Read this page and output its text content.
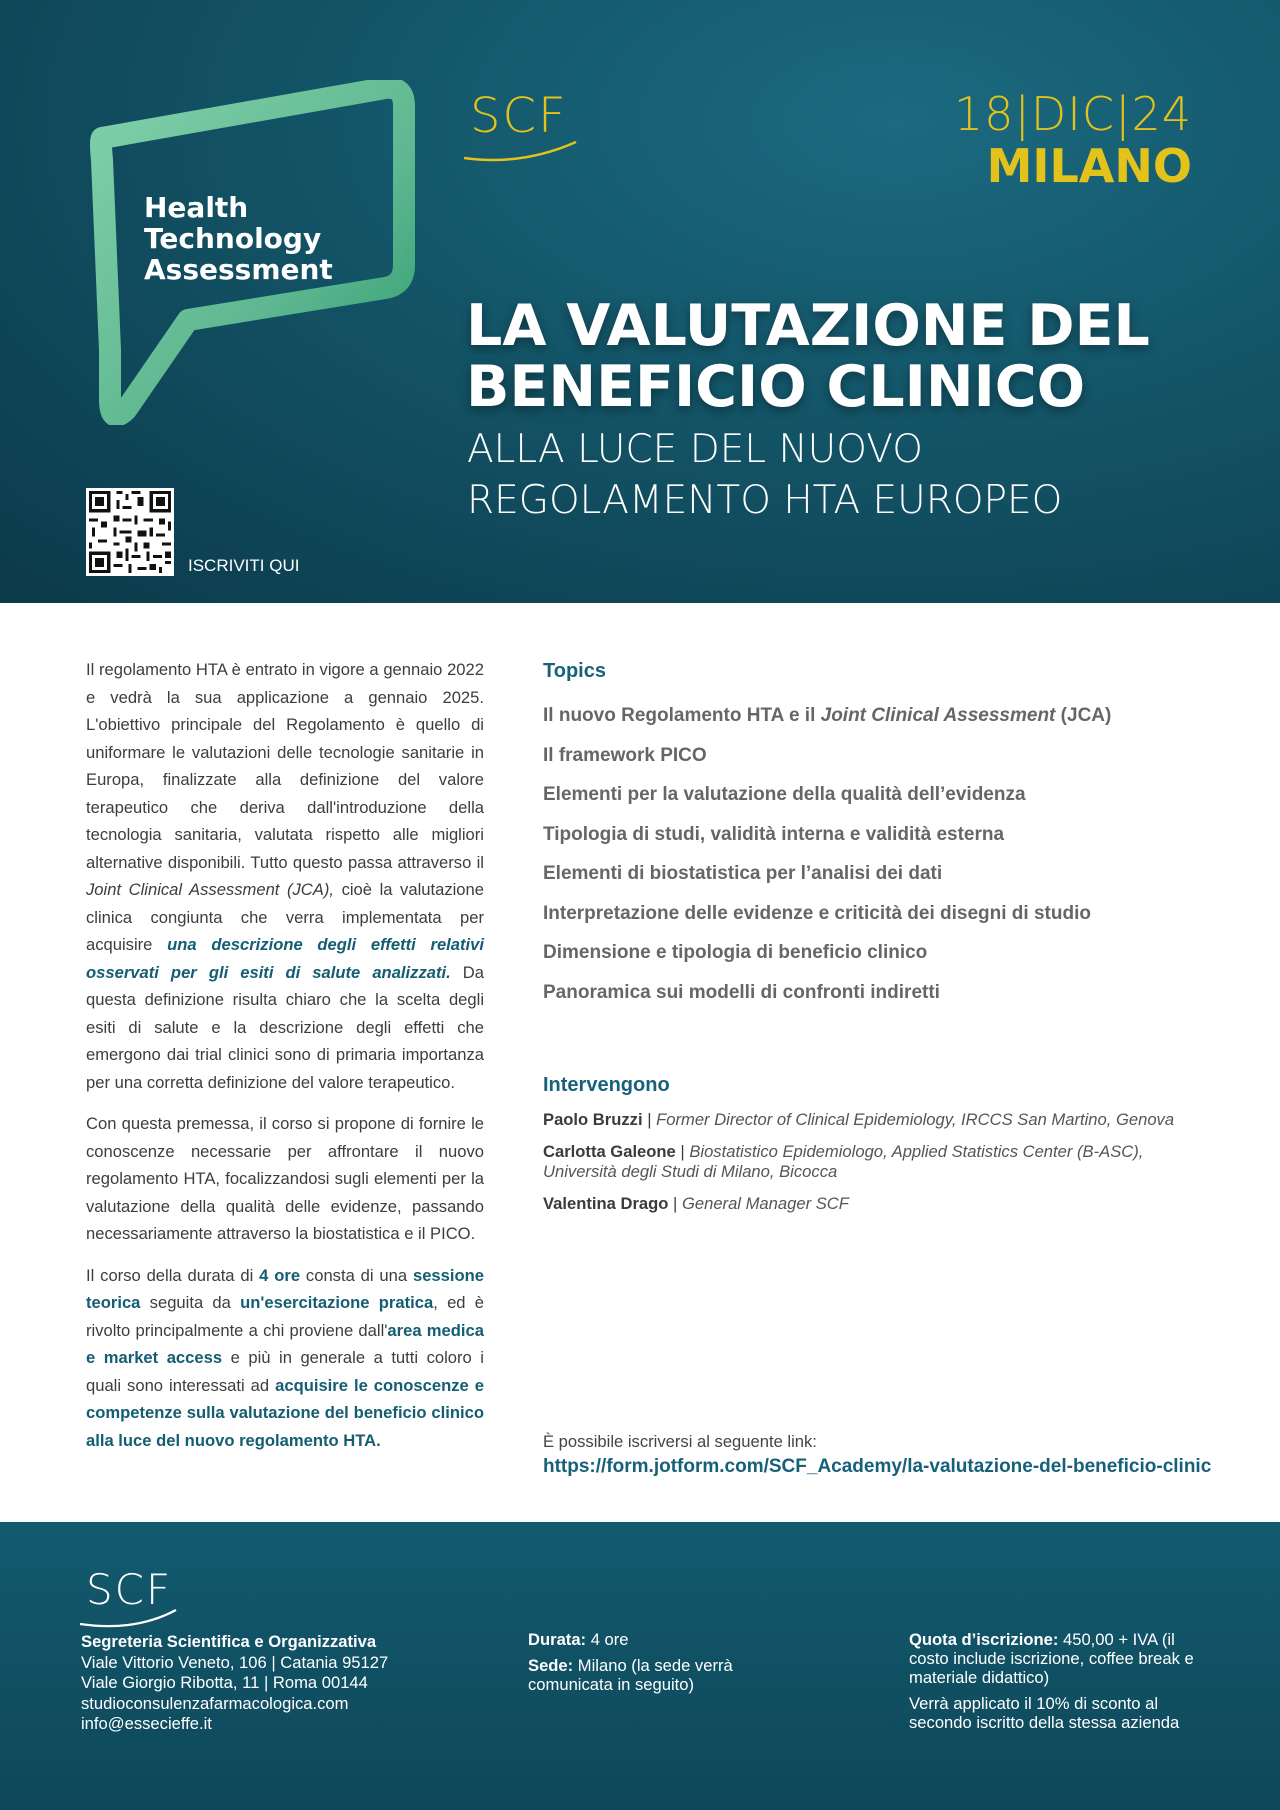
Health
Technology
Assessment
SCF	18|DIC|24
MILANO
LA VALUTAZIONE DEL
BENEFICIO CLINICO
ALLA LUCE DEL NUOVO
REGOLAMENTO HTA EUROPEO
ISCRIVITI QUI

Il regolamento HTA è entrato in vigore a gennaio 2022 e vedrà la sua applicazione a gennaio 2025. L'obiettivo principale del Regolamento è quello di uniformare le valutazioni delle tecnologie sanitarie in Europa, finalizzate alla definizione del valore terapeutico che deriva dall'introduzione della tecnologia sanitaria, valutata rispetto alle migliori alternative disponibili. Tutto questo passa attraverso il Joint Clinical Assessment (JCA), cioè la valutazione clinica congiunta che verra implementata per acquisire una descrizione degli effetti relativi osservati per gli esiti di salute analizzati. Da questa definizione risulta chiaro che la scelta degli esiti di salute e la descrizione degli effetti che emergono dai trial clinici sono di primaria importanza per una corretta definizione del valore terapeutico.

Con questa premessa, il corso si propone di fornire le conoscenze necessarie per affrontare il nuovo regolamento HTA, focalizzandosi sugli elementi per la valutazione della qualità delle evidenze, passando necessariamente attraverso la biostatistica e il PICO.

Il corso della durata di 4 ore consta di una sessione teorica seguita da un'esercitazione pratica, ed è rivolto principalmente a chi proviene dall'area medica e market access e più in generale a tutti coloro i quali sono interessati ad acquisire le conoscenze e competenze sulla valutazione del beneficio clinico alla luce del nuovo regolamento HTA.

Topics
Il nuovo Regolamento HTA e il Joint Clinical Assessment (JCA)
Il framework PICO
Elementi per la valutazione della qualità dell’evidenza
Tipologia di studi, validità interna e validità esterna
Elementi di biostatistica per l’analisi dei dati
Interpretazione delle evidenze e criticità dei disegni di studio
Dimensione e tipologia di beneficio clinico
Panoramica sui modelli di confronti indiretti
Intervengono
Paolo Bruzzi | Former Director of Clinical Epidemiology, IRCCS San Martino, Genova
Carlotta Galeone | Biostatistico Epidemiologo, Applied Statistics Center (B-ASC), Università degli Studi di Milano, Bicocca
Valentina Drago | General Manager SCF
È possibile iscriversi al seguente link:
https://form.jotform.com/SCF_Academy/la-valutazione-del-beneficio-clinic
SCF
Segreteria Scientifica e Organizzativa
Viale Vittorio Veneto, 106 | Catania 95127
Viale Giorgio Ribotta, 11 | Roma 00144
studioconsulenzafarmacologica.com
info@essecieffe.it
Durata: 4 ore
Sede: Milano (la sede verrà comunicata in seguito)
Quota d’iscrizione: 450,00 + IVA (il costo include iscrizione, coffee break e materiale didattico)
Verrà applicato il 10% di sconto al secondo iscritto della stessa azienda
